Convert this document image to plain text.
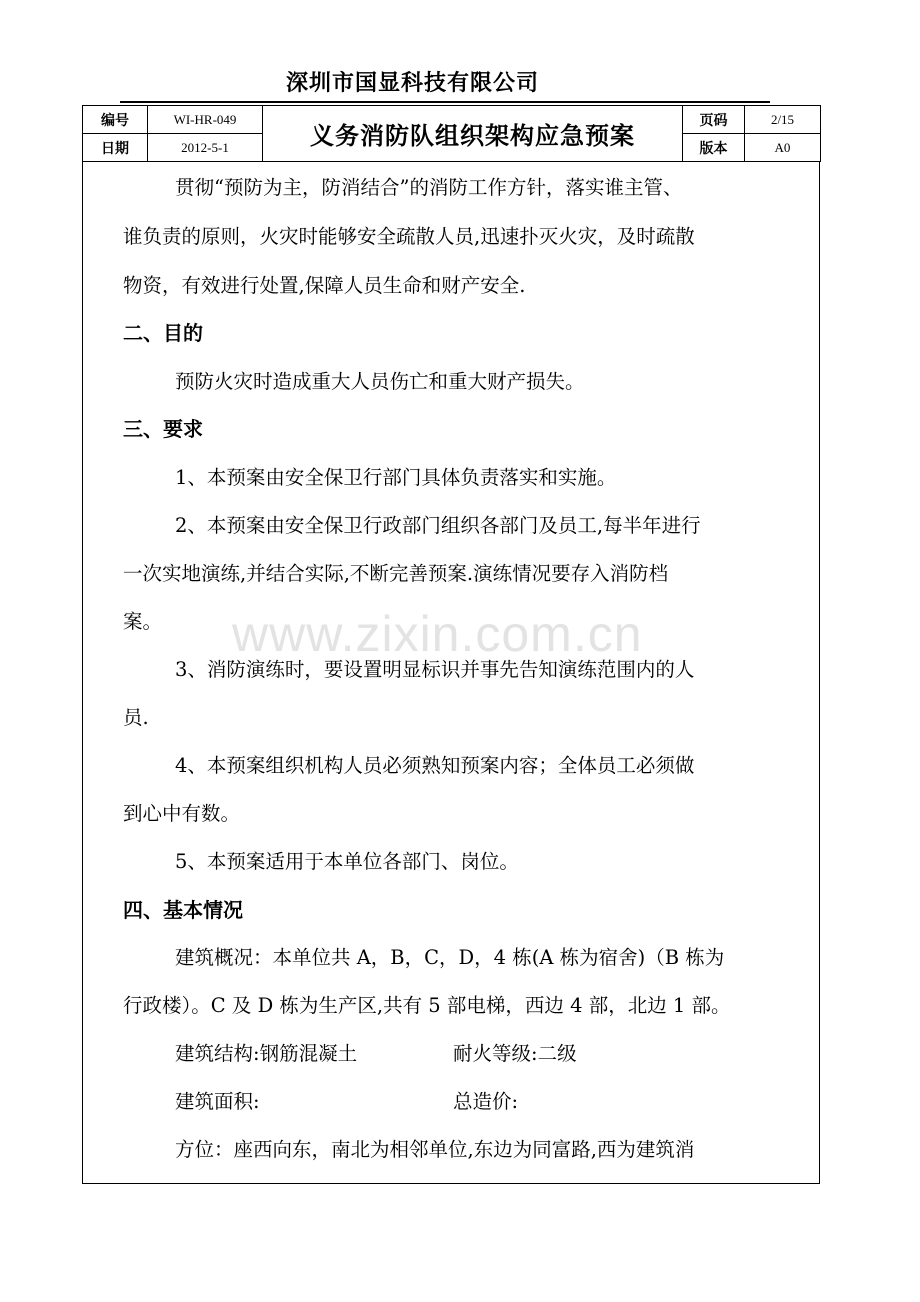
深圳市国显科技有限公司
编号	WI-HR-049	义务消防队组织架构应急预案	页码	2/15
日期	2012-5-1		版本	A0
www.zixin.com.cn
贯彻“预防为主，防消结合”的消防工作方针，落实谁主管、
谁负责的原则，火灾时能够安全疏散人员,迅速扑灭火灾，及时疏散
物资，有效进行处置,保障人员生命和财产安全.
二、目的
预防火灾时造成重大人员伤亡和重大财产损失。
三、要求
1、本预案由安全保卫行部门具体负责落实和实施。
2、本预案由安全保卫行政部门组织各部门及员工,每半年进行
一次实地演练,并结合实际,不断完善预案.演练情况要存入消防档
案。
3、消防演练时，要设置明显标识并事先告知演练范围内的人
员.
4、本预案组织机构人员必须熟知预案内容；全体员工必须做
到心中有数。
5、本预案适用于本单位各部门、岗位。
四、基本情况
建筑概况：本单位共 A，B，C，D，4 栋(A 栋为宿舍)（B 栋为
行政楼）。C 及 D 栋为生产区,共有 5 部电梯，西边 4 部，北边 1 部。
建筑结构:钢筋混凝土	耐火等级:二级
建筑面积:	总造价:
方位：座西向东，南北为相邻单位,东边为同富路,西为建筑消
